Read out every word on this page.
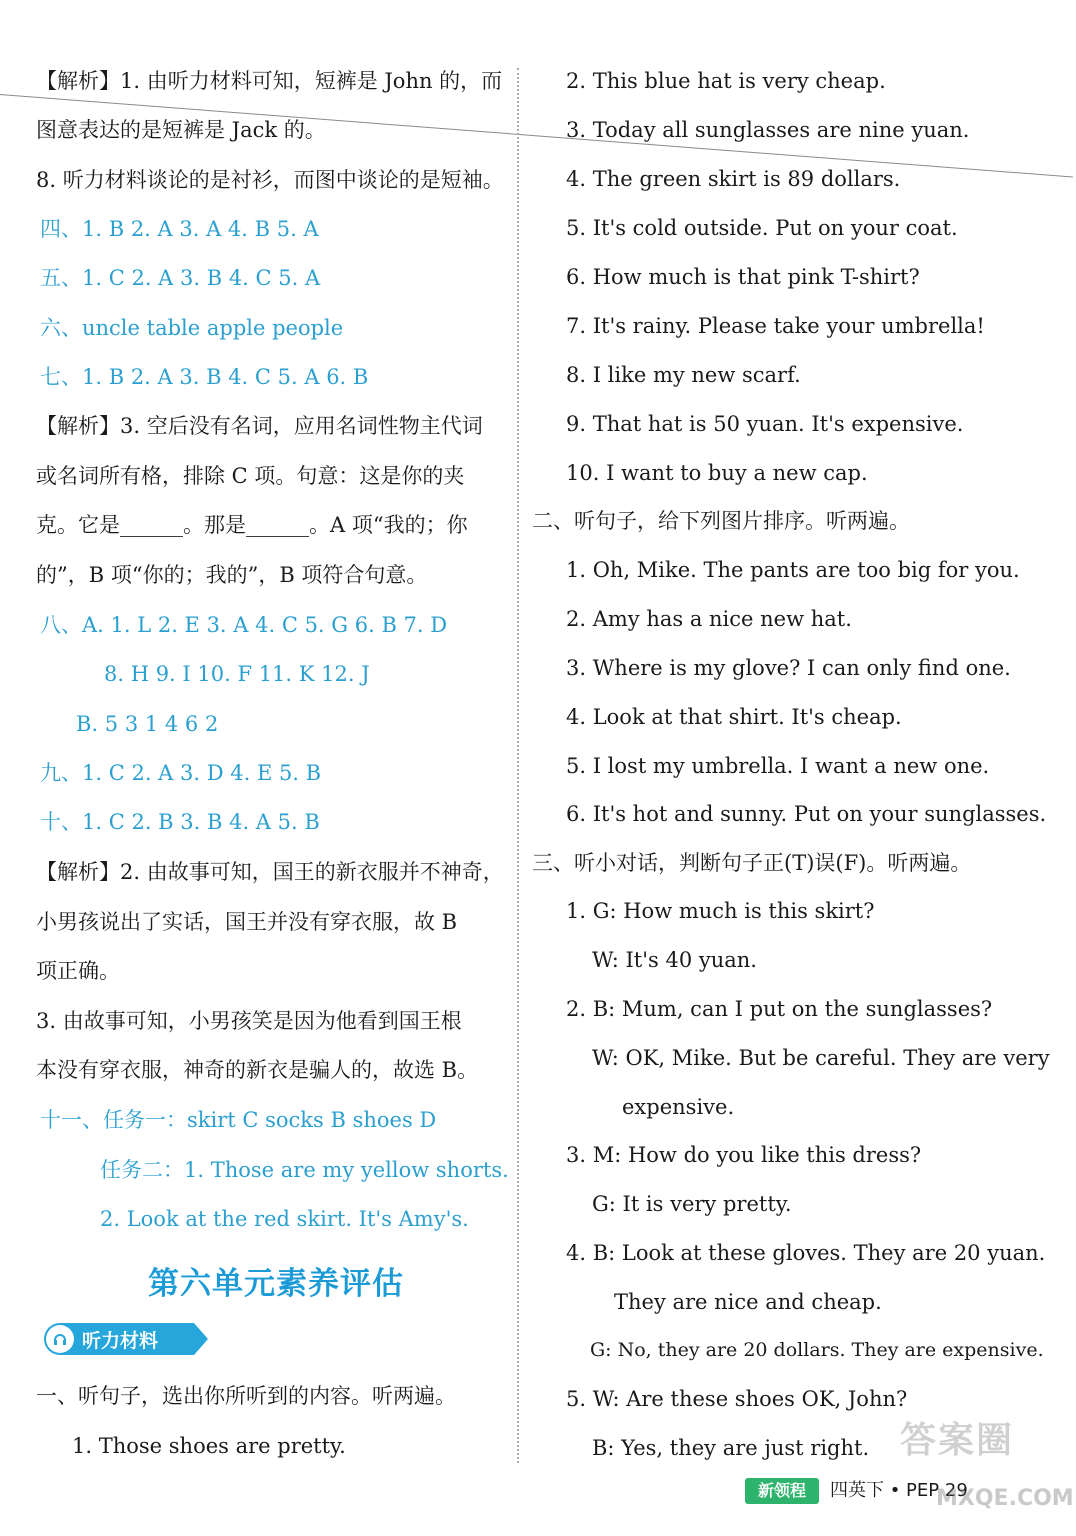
【解析】1. 由听力材料可知，短裤是 John 的，而
图意表达的是短裤是 Jack 的。
8. 听力材料谈论的是衬衫，而图中谈论的是短袖。
四、1. B 2. A 3. A 4. B 5. A
五、1. C 2. A 3. B 4. C 5. A
六、uncle table apple people
七、1. B 2. A 3. B 4. C 5. A 6. B
【解析】3. 空后没有名词，应用名词性物主代词
或名词所有格，排除 C 项。句意：这是你的夹
克。它是______。那是______。A 项“我的；你
的”，B 项“你的；我的”，B 项符合句意。
八、A. 1. L 2. E 3. A 4. C 5. G 6. B 7. D
8. H 9. I 10. F 11. K 12. J
B. 5 3 1 4 6 2
九、1. C 2. A 3. D 4. E 5. B
十、1. C 2. B 3. B 4. A 5. B
【解析】2. 由故事可知，国王的新衣服并不神奇，
小男孩说出了实话，国王并没有穿衣服，故 B
项正确。
3. 由故事可知，小男孩笑是因为他看到国王根
本没有穿衣服，神奇的新衣是骗人的，故选 B。
十一、任务一：skirt C socks B shoes D
任务二：1. Those are my yellow shorts.
2. Look at the red skirt. It's Amy's.
第六单元素养评估
听力材料
一、听句子，选出你所听到的内容。听两遍。
1. Those shoes are pretty.
2. This blue hat is very cheap.
3. Today all sunglasses are nine yuan.
4. The green skirt is 89 dollars.
5. It's cold outside. Put on your coat.
6. How much is that pink T-shirt?
7. It's rainy. Please take your umbrella!
8. I like my new scarf.
9. That hat is 50 yuan. It's expensive.
10. I want to buy a new cap.
二、听句子，给下列图片排序。听两遍。
1. Oh, Mike. The pants are too big for you.
2. Amy has a nice new hat.
3. Where is my glove? I can only find one.
4. Look at that shirt. It's cheap.
5. I lost my umbrella. I want a new one.
6. It's hot and sunny. Put on your sunglasses.
三、听小对话，判断句子正(T)误(F)。听两遍。
1. G: How much is this skirt?
W: It's 40 yuan.
2. B: Mum, can I put on the sunglasses?
W: OK, Mike. But be careful. They are very
expensive.
3. M: How do you like this dress?
G: It is very pretty.
4. B: Look at these gloves. They are 20 yuan.
They are nice and cheap.
G: No, they are 20 dollars. They are expensive.
5. W: Are these shoes OK, John?
B: Yes, they are just right.
新领程	四英下 • PEP 29
答案圈
MXQE.COM
